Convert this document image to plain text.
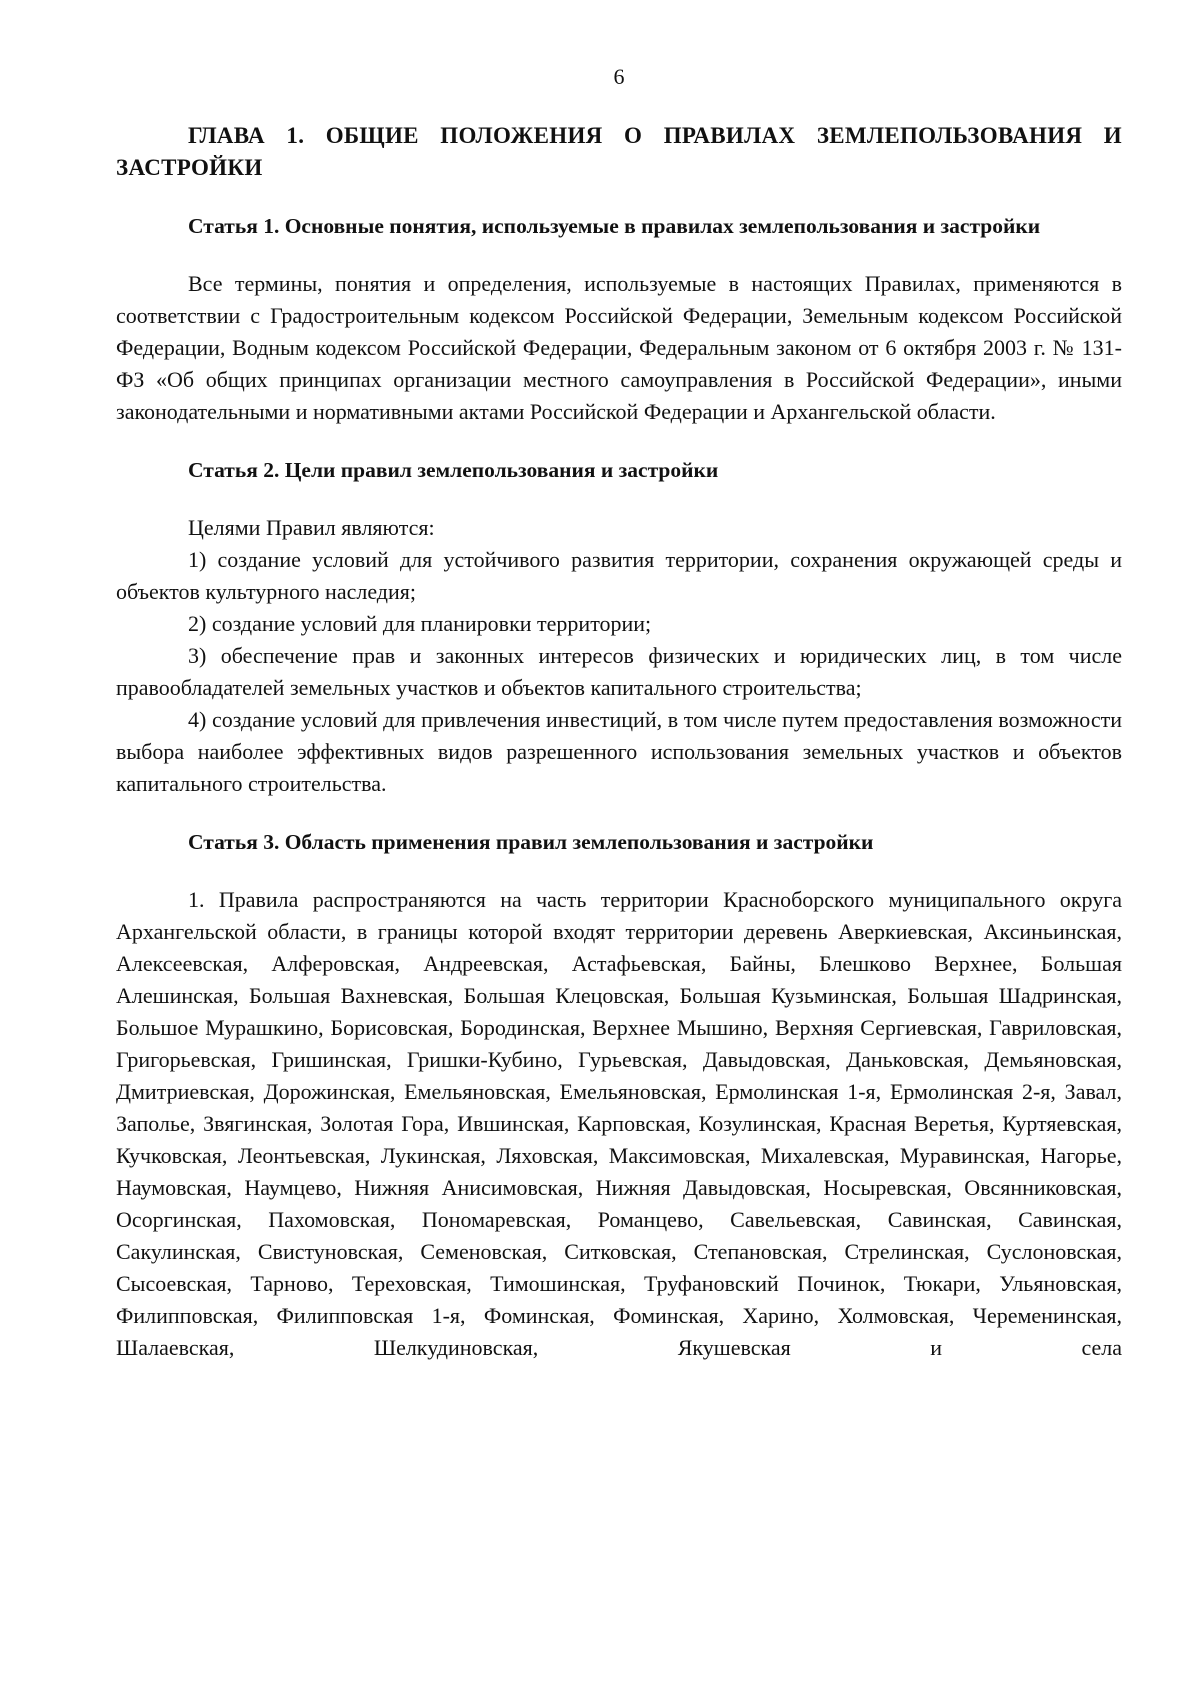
6
ГЛАВА 1. ОБЩИЕ ПОЛОЖЕНИЯ О ПРАВИЛАХ ЗЕМЛЕПОЛЬЗОВАНИЯ И ЗАСТРОЙКИ
Статья 1. Основные понятия, используемые в правилах землепользования и застройки

Все термины, понятия и определения, используемые в настоящих Правилах, применяются в соответствии с Градостроительным кодексом Российской Федерации, Земельным кодексом Российской Федерации, Водным кодексом Российской Федерации, Федеральным законом от 6 октября 2003 г. № 131-ФЗ «Об общих принципах организации местного самоуправления в Российской Федерации», иными законодательными и нормативными актами Российской Федерации и Архангельской области.

Статья 2. Цели правил землепользования и застройки

Целями Правил являются:

1) создание условий для устойчивого развития территории, сохранения окружающей среды и объектов культурного наследия;

2) создание условий для планировки территории;

3) обеспечение прав и законных интересов физических и юридических лиц, в том числе правообладателей земельных участков и объектов капитального строительства;

4) создание условий для привлечения инвестиций, в том числе путем предоставления возможности выбора наиболее эффективных видов разрешенного использования земельных участков и объектов капитального строительства.

Статья 3. Область применения правил землепользования и застройки

1. Правила распространяются на часть территории Красноборского муниципального округа Архангельской области, в границы которой входят территории деревень Аверкиевская, Аксиньинская, Алексеевская, Алферовская, Андреевская, Астафьевская, Байны, Блешково Верхнее, Большая Алешинская, Большая Вахневская, Большая Клецовская, Большая Кузьминская, Большая Шадринская, Большое Мурашкино, Борисовская, Бородинская, Верхнее Мышино, Верхняя Сергиевская, Гавриловская, Григорьевская, Гришинская, Гришки-Кубино, Гурьевская, Давыдовская, Даньковская, Демьяновская, Дмитриевская, Дорожинская, Емельяновская, Емельяновская, Ермолинская 1-я, Ермолинская 2-я, Завал, Заполье, Звягинская, Золотая Гора, Ившинская, Карповская, Козулинская, Красная Веретья, Куртяевская, Кучковская, Леонтьевская, Лукинская, Ляховская, Максимовская, Михалевская, Муравинская, Нагорье, Наумовская, Наумцево, Нижняя Анисимовская, Нижняя Давыдовская, Носыревская, Овсянниковская, Осоргинская, Пахомовская, Пономаревская, Романцево, Савельевская, Савинская, Савинская, Сакулинская, Свистуновская, Семеновская, Ситковская, Степановская, Стрелинская, Суслоновская, Сысоевская, Тарново, Тереховская, Тимошинская, Труфановский Починок, Тюкари, Ульяновская, Филипповская, Филипповская 1-я, Фоминская, Фоминская, Харино, Холмовская, Череменинская, Шалаевская, Шелкудиновская, Якушевская и села
